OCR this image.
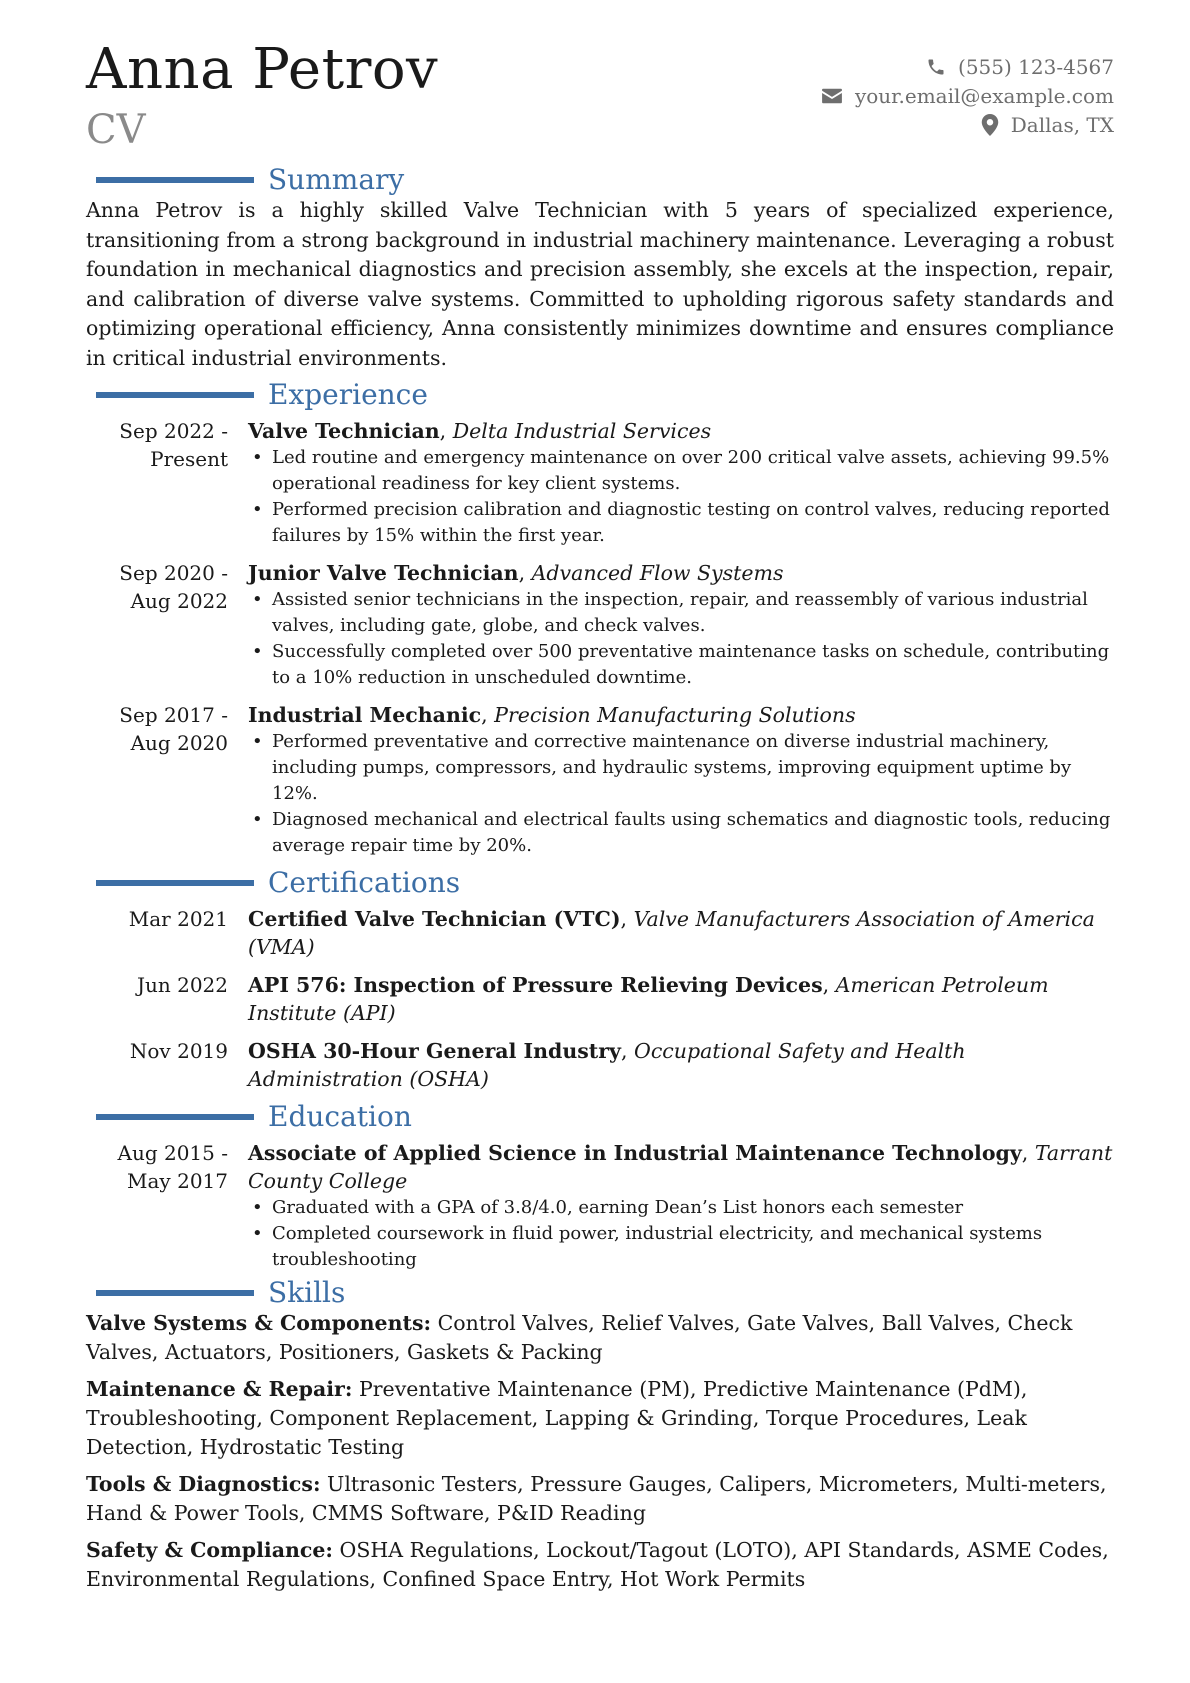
Anna Petrov
CV
(555) 123-4567
your.email@example.com
Dallas, TX
Summary
Anna Petrov is a highly skilled Valve Technician with 5 years of specialized experience, transitioning from a strong background in industrial machinery maintenance. Leveraging a robust foundation in mechanical diagnostics and precision assembly, she excels at the inspection, repair, and calibration of diverse valve systems. Committed to upholding rigorous safety standards and optimizing operational efficiency, Anna consistently minimizes downtime and ensures compliance in critical industrial environments.
Experience
Sep 2022 - Present
Valve Technician, Delta Industrial Services
• Led routine and emergency maintenance on over 200 critical valve assets, achieving 99.5% operational readiness for key client systems.
• Performed precision calibration and diagnostic testing on control valves, reducing reported failures by 15% within the first year.
Sep 2020 - Aug 2022
Junior Valve Technician, Advanced Flow Systems
• Assisted senior technicians in the inspection, repair, and reassembly of various industrial valves, including gate, globe, and check valves.
• Successfully completed over 500 preventative maintenance tasks on schedule, contributing to a 10% reduction in unscheduled downtime.
Sep 2017 - Aug 2020
Industrial Mechanic, Precision Manufacturing Solutions
• Performed preventative and corrective maintenance on diverse industrial machinery, including pumps, compressors, and hydraulic systems, improving equipment uptime by 12%.
• Diagnosed mechanical and electrical faults using schematics and diagnostic tools, reducing average repair time by 20%.
Certifications
Mar 2021 Certified Valve Technician (VTC), Valve Manufacturers Association of America (VMA)
Jun 2022 API 576: Inspection of Pressure Relieving Devices, American Petroleum Institute (API)
Nov 2019 OSHA 30-Hour General Industry, Occupational Safety and Health Administration (OSHA)
Education
Aug 2015 - May 2017
Associate of Applied Science in Industrial Maintenance Technology, Tarrant County College
• Graduated with a GPA of 3.8/4.0, earning Dean’s List honors each semester
• Completed coursework in fluid power, industrial electricity, and mechanical systems troubleshooting
Skills
Valve Systems & Components: Control Valves, Relief Valves, Gate Valves, Ball Valves, Check Valves, Actuators, Positioners, Gaskets & Packing
Maintenance & Repair: Preventative Maintenance (PM), Predictive Maintenance (PdM), Troubleshooting, Component Replacement, Lapping & Grinding, Torque Procedures, Leak Detection, Hydrostatic Testing
Tools & Diagnostics: Ultrasonic Testers, Pressure Gauges, Calipers, Micrometers, Multi-meters, Hand & Power Tools, CMMS Software, P&ID Reading
Safety & Compliance: OSHA Regulations, Lockout/Tagout (LOTO), API Standards, ASME Codes, Environmental Regulations, Confined Space Entry, Hot Work Permits
